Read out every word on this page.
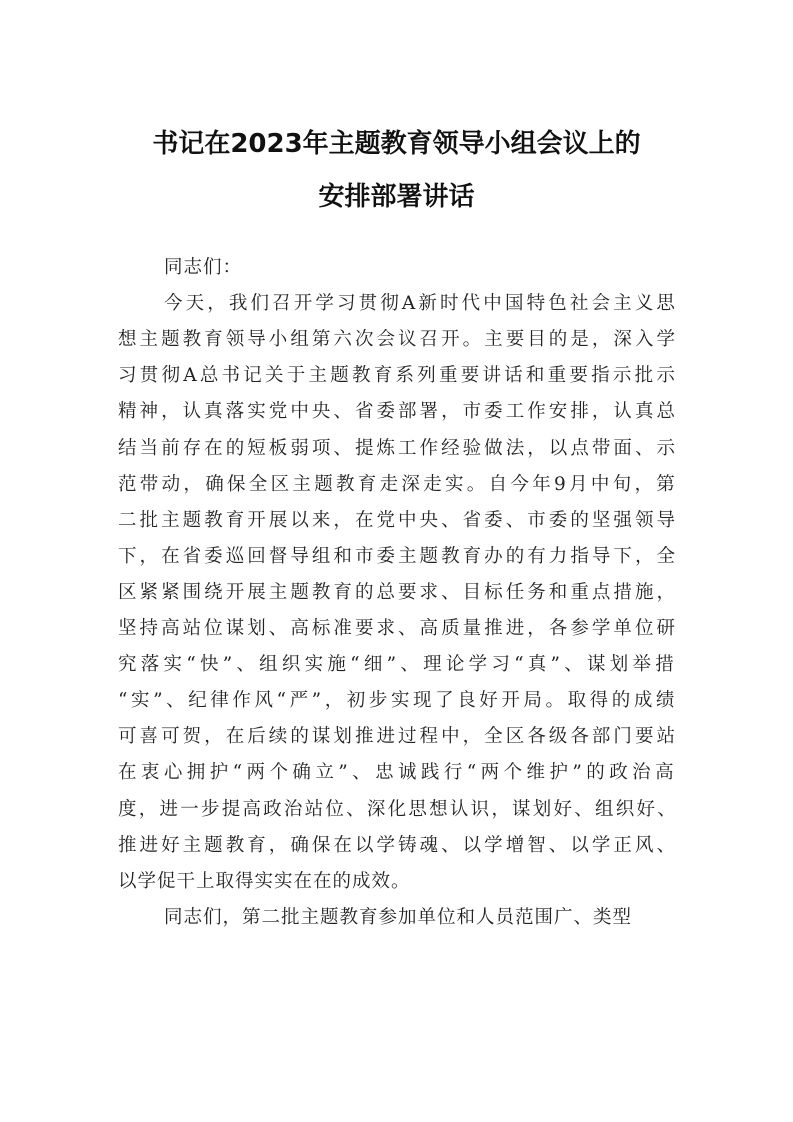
书记在2023年主题教育领导小组会议上的
安排部署讲话
同志们：
今天，我们召开学习贯彻A新时代中国特色社会主义思
想主题教育领导小组第六次会议召开。主要目的是，深入学
习贯彻A总书记关于主题教育系列重要讲话和重要指示批示
精神，认真落实党中央、省委部署，市委工作安排，认真总
结当前存在的短板弱项、提炼工作经验做法，以点带面、示
范带动，确保全区主题教育走深走实。自今年9月中旬，第
二批主题教育开展以来，在党中央、省委、市委的坚强领导
下，在省委巡回督导组和市委主题教育办的有力指导下，全
区紧紧围绕开展主题教育的总要求、目标任务和重点措施，
坚持高站位谋划、高标准要求、高质量推进，各参学单位研
究落实“快”、组织实施“细”、理论学习“真”、谋划举措
“实”、纪律作风“严”，初步实现了良好开局。取得的成绩
可喜可贺，在后续的谋划推进过程中，全区各级各部门要站
在衷心拥护“两个确立”、忠诚践行“两个维护”的政治高
度，进一步提高政治站位、深化思想认识，谋划好、组织好、
推进好主题教育，确保在以学铸魂、以学增智、以学正风、
以学促干上取得实实在在的成效。
同志们，第二批主题教育参加单位和人员范围广、类型
